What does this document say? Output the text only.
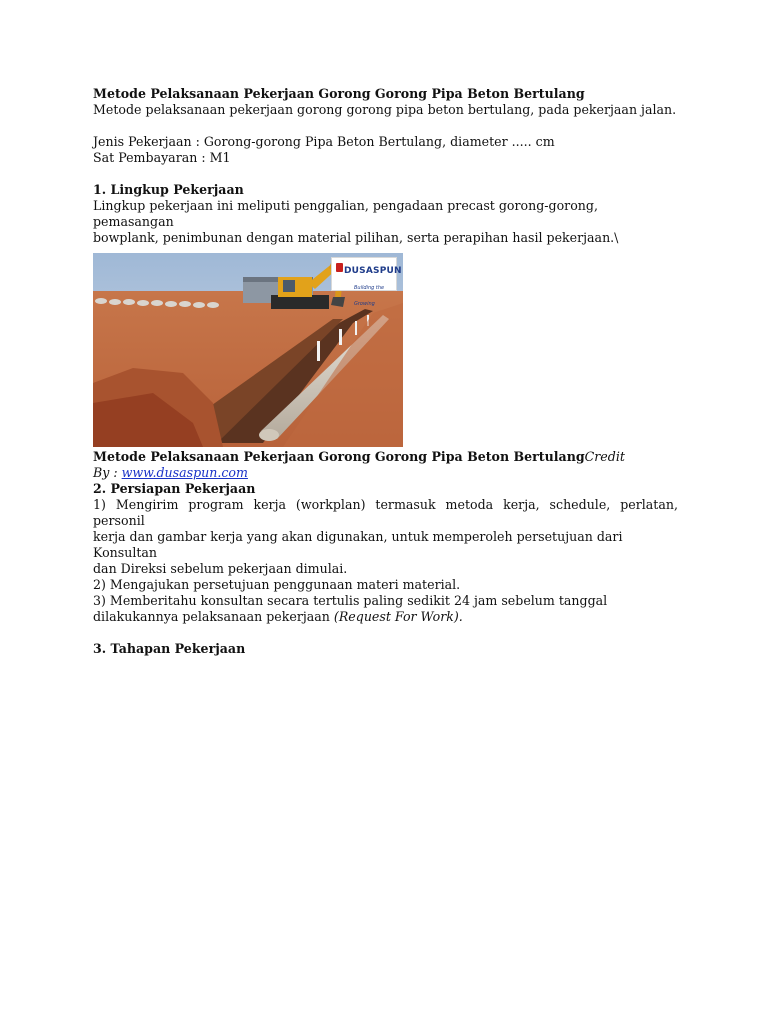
Metode Pelaksanaan Pekerjaan Gorong Gorong Pipa Beton Bertulang

Metode pelaksanaan pekerjaan gorong gorong pipa beton bertulang, pada pekerjaan jalan.

Jenis Pekerjaan : Gorong-gorong Pipa Beton Bertulang, diameter ..... cm

Sat Pembayaran : M1

1. Lingkup Pekerjaan

Lingkup pekerjaan ini meliputi penggalian, pengadaan precast gorong-gorong, pemasangan

bowplank, penimbunan dengan material pilihan, serta perapihan hasil pekerjaan.\

DUSASPUN
Building the Growing

Metode Pelaksanaan Pekerjaan Gorong Gorong Pipa Beton BertulangCredit

By : www.dusaspun.com

2. Persiapan Pekerjaan

1) Mengirim program kerja (workplan) termasuk metoda kerja, schedule, perlatan, personil

kerja dan gambar kerja yang akan digunakan, untuk memperoleh persetujuan dari Konsultan

dan Direksi sebelum pekerjaan dimulai.

2) Mengajukan persetujuan penggunaan materi material.

3) Memberitahu konsultan secara tertulis paling sedikit 24 jam sebelum tanggal

dilakukannya pelaksanaan pekerjaan (Request For Work).

3. Tahapan Pekerjaan
